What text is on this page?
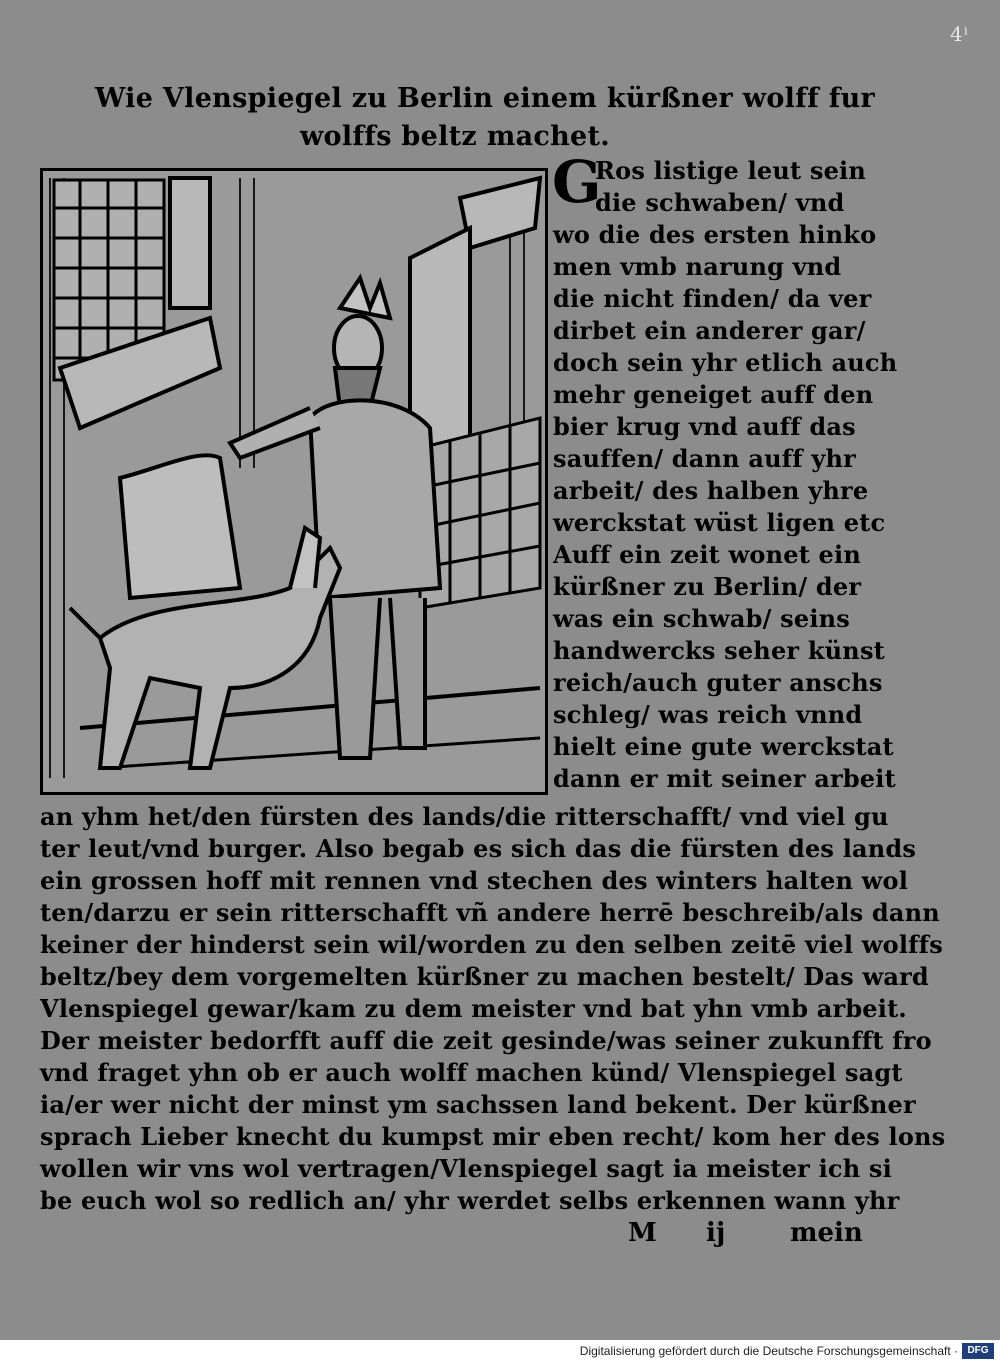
4ⁱ
Wie Vlenspiegel zu Berlin einem kürßner wolff fur
wolffs beltz machet.
G
Ros listige leut sein
die schwaben/ vnd
wo die des ersten hinko
men vmb narung vnd
die nicht finden/ da ver
dirbet ein anderer gar/
doch sein yhr etlich auch
mehr geneiget auff den
bier krug vnd auff das
sauffen/ dann auff yhr
arbeit/ des halben yhre
werckstat wüst ligen etc
Auff ein zeit wonet ein
kürßner zu Berlin/ der
was ein schwab/ seins
handwercks seher künst
reich/auch guter anschs
schleg/ was reich vnnd
hielt eine gute werckstat
dann er mit seiner arbeit
an yhm het/den fürsten des lands/die ritterschafft/ vnd viel gu
ter leut/vnd burger. Also begab es sich das die fürsten des lands
ein grossen hoff mit rennen vnd stechen des winters halten wol
ten/darzu er sein ritterschafft vñ andere herrē beschreib/als dann
keiner der hinderst sein wil/worden zu den selben zeitē viel wolffs
beltz/bey dem vorgemelten kürßner zu machen bestelt/ Das ward
Vlenspiegel gewar/kam zu dem meister vnd bat yhn vmb arbeit.
Der meister bedorfft auff die zeit gesinde/was seiner zukunfft fro
vnd fraget yhn ob er auch wolff machen künd/ Vlenspiegel sagt
ia/er wer nicht der minst ym sachssen land bekent. Der kürßner
sprach Lieber knecht du kumpst mir eben recht/ kom her des lons
wollen wir vns wol vertragen/Vlenspiegel sagt ia meister ich si
be euch wol so redlich an/ yhr werdet selbs erkennen wann yhr
M ij mein
Digitalisierung gefördert durch die Deutsche Forschungsgemeinschaft · DFG
